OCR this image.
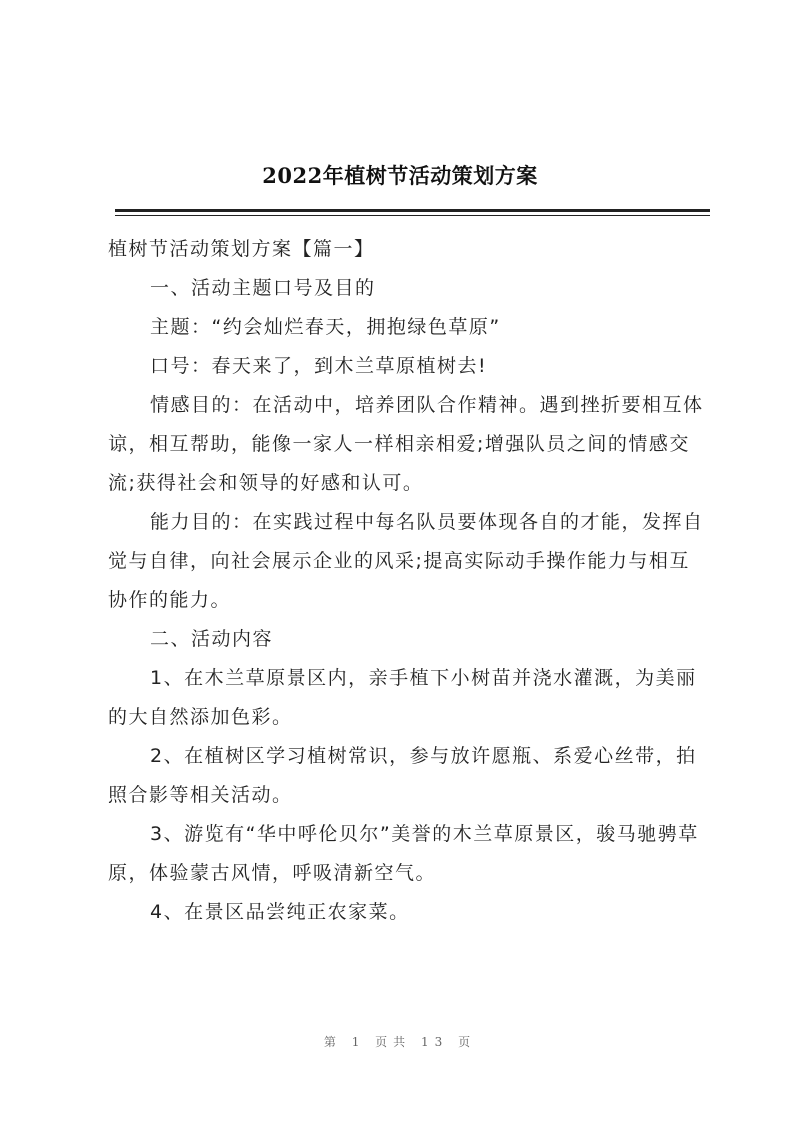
2022年植树节活动策划方案

植树节活动策划方案【篇一】

一、活动主题口号及目的

主题：“约会灿烂春天，拥抱绿色草原”

口号：春天来了，到木兰草原植树去!

情感目的：在活动中，培养团队合作精神。遇到挫折要相互体谅，相互帮助，能像一家人一样相亲相爱;增强队员之间的情感交流;获得社会和领导的好感和认可。

能力目的：在实践过程中每名队员要体现各自的才能，发挥自觉与自律，向社会展示企业的风采;提高实际动手操作能力与相互协作的能力。

二、活动内容

1、在木兰草原景区内，亲手植下小树苗并浇水灌溉，为美丽的大自然添加色彩。

2、在植树区学习植树常识，参与放许愿瓶、系爱心丝带，拍照合影等相关活动。

3、游览有“华中呼伦贝尔”美誉的木兰草原景区，骏马驰骋草原，体验蒙古风情，呼吸清新空气。

4、在景区品尝纯正农家菜。

第 1 页共 13 页
